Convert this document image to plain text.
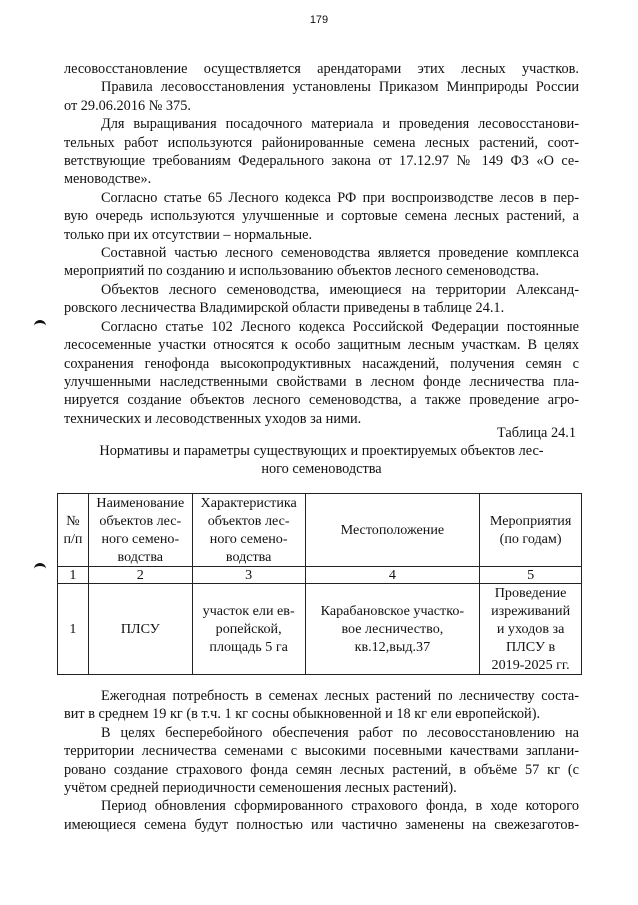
179

лесовосстановление осуществляется арендаторами этих лесных участков.

Правила лесовосстановления установлены Приказом Минприроды России
от 29.06.2016 № 375.

Для выращивания посадочного материала и проведения лесовосстанови-
тельных работ используются районированные семена лесных растений, соот-
ветствующие требованиям Федерального закона от 17.12.97 № 149 ФЗ «О се-
меноводстве».

Согласно статье 65 Лесного кодекса РФ при воспроизводстве лесов в пер-
вую очередь используются улучшенные и сортовые семена лесных растений, а
только при их отсутствии – нормальные.

Составной частью лесного семеноводства является проведение комплекса
мероприятий по созданию и использованию объектов лесного семеноводства.

Объектов лесного семеноводства, имеющиеся на территории Александ-
ровского лесничества Владимирской области приведены в таблице 24.1.

Согласно статье 102 Лесного кодекса Российской Федерации постоянные
лесосеменные участки относятся к особо защитным лесным участкам. В целях
сохранения генофонда высокопродуктивных насаждений, получения семян с
улучшенными наследственными свойствами в лесном фонде лесничества пла-
нируется создание объектов лесного семеноводства, а также проведение агро-
технических и лесоводственных уходов за ними.

Таблица 24.1
Нормативы и параметры существующих и проектируемых объектов лес-
ного семеноводства
№
п/п	Наименование
объектов лес-
ного семено-
водства	Характеристика
объектов лес-
ного семено-
водства	Местоположение	Мероприятия
(по годам)

1	2	3	4	5

1	ПЛСУ	участок ели ев-
ропейской,
площадь 5 га	Карабановское участко-
вое лесничество,
кв.12,выд.37	Проведение
изреживаний
и уходов за
ПЛСУ в
2019-2025 гг.

Ежегодная потребность в семенах лесных растений по лесничеству соста-
вит в среднем 19 кг (в т.ч. 1 кг сосны обыкновенной и 18 кг ели европейской).

В целях бесперебойного обеспечения работ по лесовосстановлению на
территории лесничества семенами с высокими посевными качествами заплани-
ровано создание страхового фонда семян лесных растений, в объёме 57 кг (с
учётом средней периодичности семеношения лесных растений).

Период обновления сформированного страхового фонда, в ходе которого
имеющиеся семена будут полностью или частично заменены на свежезаготов-
